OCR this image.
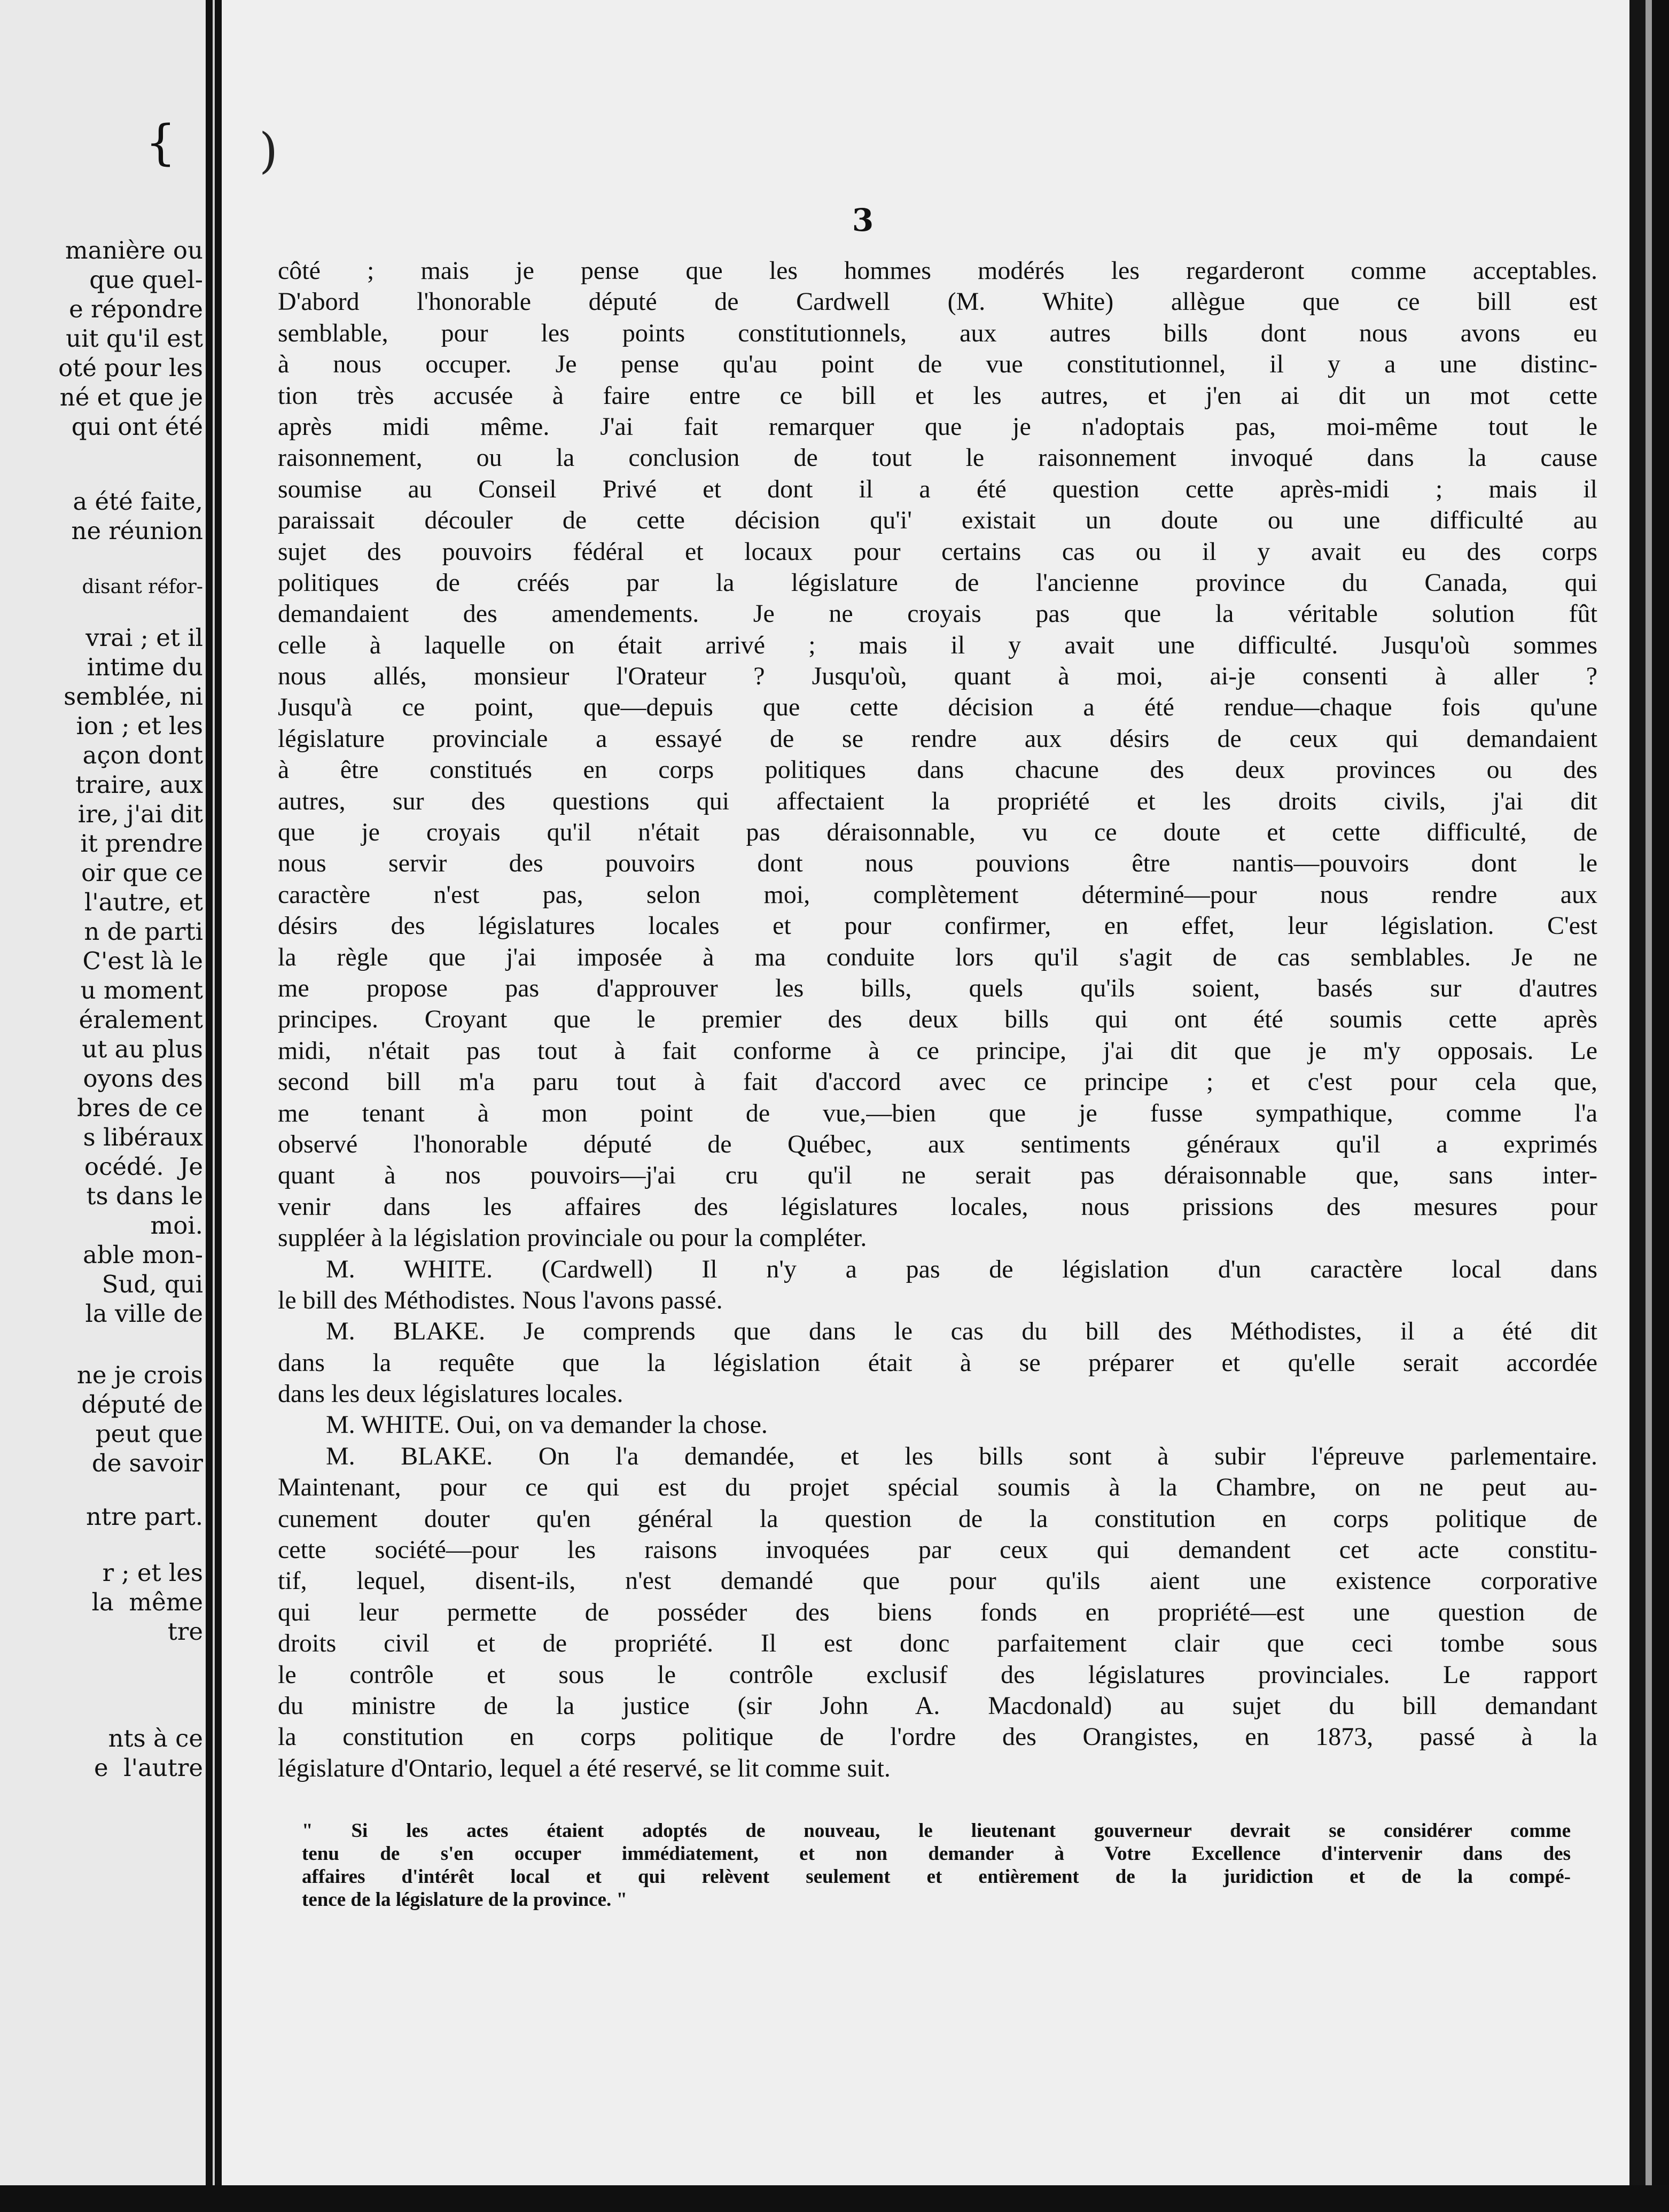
{
manière ou
que quel-
e répondre
uit qu'il est
oté pour les
né et que je
qui ont été
a été faite,
ne réunion
disant réfor-
vrai ; et il
intime du
semblée, ni
ion ; et les
açon dont
traire, aux
ire, j'ai dit
it prendre
oir que ce
l'autre, et
n de parti
C'est là le
u moment
éralement
ut au plus
oyons des
bres de ce
s libéraux
océdé.  Je
ts dans le
moi.
able mon-
Sud, qui
la ville de
ne je crois
député de
peut que
de savoir
ntre part.
r ; et les
la  même
tre
nts à ce
e  l'autre
)
3
côté ; mais je pense que les hommes modérés les regarderont comme acceptables.
D'abord l'honorable député de Cardwell (M. White) allègue que ce bill est
semblable, pour les points constitutionnels, aux autres bills dont nous avons eu
à nous occuper. Je pense qu'au point de vue constitutionnel, il y a une distinc-
tion très accusée à faire entre ce bill et les autres, et j'en ai dit un mot cette
après midi même. J'ai fait remarquer que je n'adoptais pas, moi-même tout le
raisonnement, ou la conclusion de tout le raisonnement invoqué dans la cause
soumise au Conseil Privé et dont il a été question cette après-midi ; mais il
paraissait découler de cette décision qu'i' existait un doute ou une difficulté au
sujet des pouvoirs fédéral et locaux pour certains cas ou il y avait eu des corps
politiques de créés par la législature de l'ancienne province du Canada, qui
demandaient des amendements. Je ne croyais pas que la véritable solution fût
celle à laquelle on était arrivé ; mais il y avait une difficulté. Jusqu'où sommes
nous allés, monsieur l'Orateur ? Jusqu'où, quant à moi, ai-je consenti à aller ?
Jusqu'à ce point, que—depuis que cette décision a été rendue—chaque fois qu'une
législature provinciale a essayé de se rendre aux désirs de ceux qui demandaient
à être constitués en corps politiques dans chacune des deux provinces ou des
autres, sur des questions qui affectaient la propriété et les droits civils, j'ai dit
que je croyais qu'il n'était pas déraisonnable, vu ce doute et cette difficulté, de
nous servir des pouvoirs dont nous pouvions être nantis—pouvoirs dont le
caractère n'est pas, selon moi, complètement déterminé—pour nous rendre aux
désirs des législatures locales et pour confirmer, en effet, leur législation. C'est
la règle que j'ai imposée à ma conduite lors qu'il s'agit de cas semblables. Je ne
me propose pas d'approuver les bills, quels qu'ils soient, basés sur d'autres
principes. Croyant que le premier des deux bills qui ont été soumis cette après
midi, n'était pas tout à fait conforme à ce principe, j'ai dit que je m'y opposais. Le
second bill m'a paru tout à fait d'accord avec ce principe ; et c'est pour cela que,
me tenant à mon point de vue,—bien que je fusse sympathique, comme l'a
observé l'honorable député de Québec, aux sentiments généraux qu'il a exprimés
quant à nos pouvoirs—j'ai cru qu'il ne serait pas déraisonnable que, sans inter-
venir dans les affaires des législatures locales, nous prissions des mesures pour
suppléer à la législation provinciale ou pour la compléter.
M. WHITE. (Cardwell) Il n'y a pas de législation d'un caractère local dans
le bill des Méthodistes. Nous l'avons passé.
M. BLAKE. Je comprends que dans le cas du bill des Méthodistes, il a été dit
dans la requête que la législation était à se préparer et qu'elle serait accordée
dans les deux législatures locales.
M. WHITE. Oui, on va demander la chose.
M. BLAKE. On l'a demandée, et les bills sont à subir l'épreuve parlementaire.
Maintenant, pour ce qui est du projet spécial soumis à la Chambre, on ne peut au-
cunement douter qu'en général la question de la constitution en corps politique de
cette société—pour les raisons invoquées par ceux qui demandent cet acte constitu-
tif, lequel, disent-ils, n'est demandé que pour qu'ils aient une existence corporative
qui leur permette de posséder des biens fonds en propriété—est une question de
droits civil et de propriété. Il est donc parfaitement clair que ceci tombe sous
le contrôle et sous le contrôle exclusif des législatures provinciales. Le rapport
du ministre de la justice (sir John A. Macdonald) au sujet du bill demandant
la constitution en corps politique de l'ordre des Orangistes, en 1873, passé à la
législature d'Ontario, lequel a été reservé, se lit comme suit.
" Si les actes étaient adoptés de nouveau, le lieutenant gouverneur devrait se considérer comme
tenu de s'en occuper immédiatement, et non demander à Votre Excellence d'intervenir dans des
affaires d'intérêt local et qui relèvent seulement et entièrement de la juridiction et de la compé-
tence de la législature de la province. "
